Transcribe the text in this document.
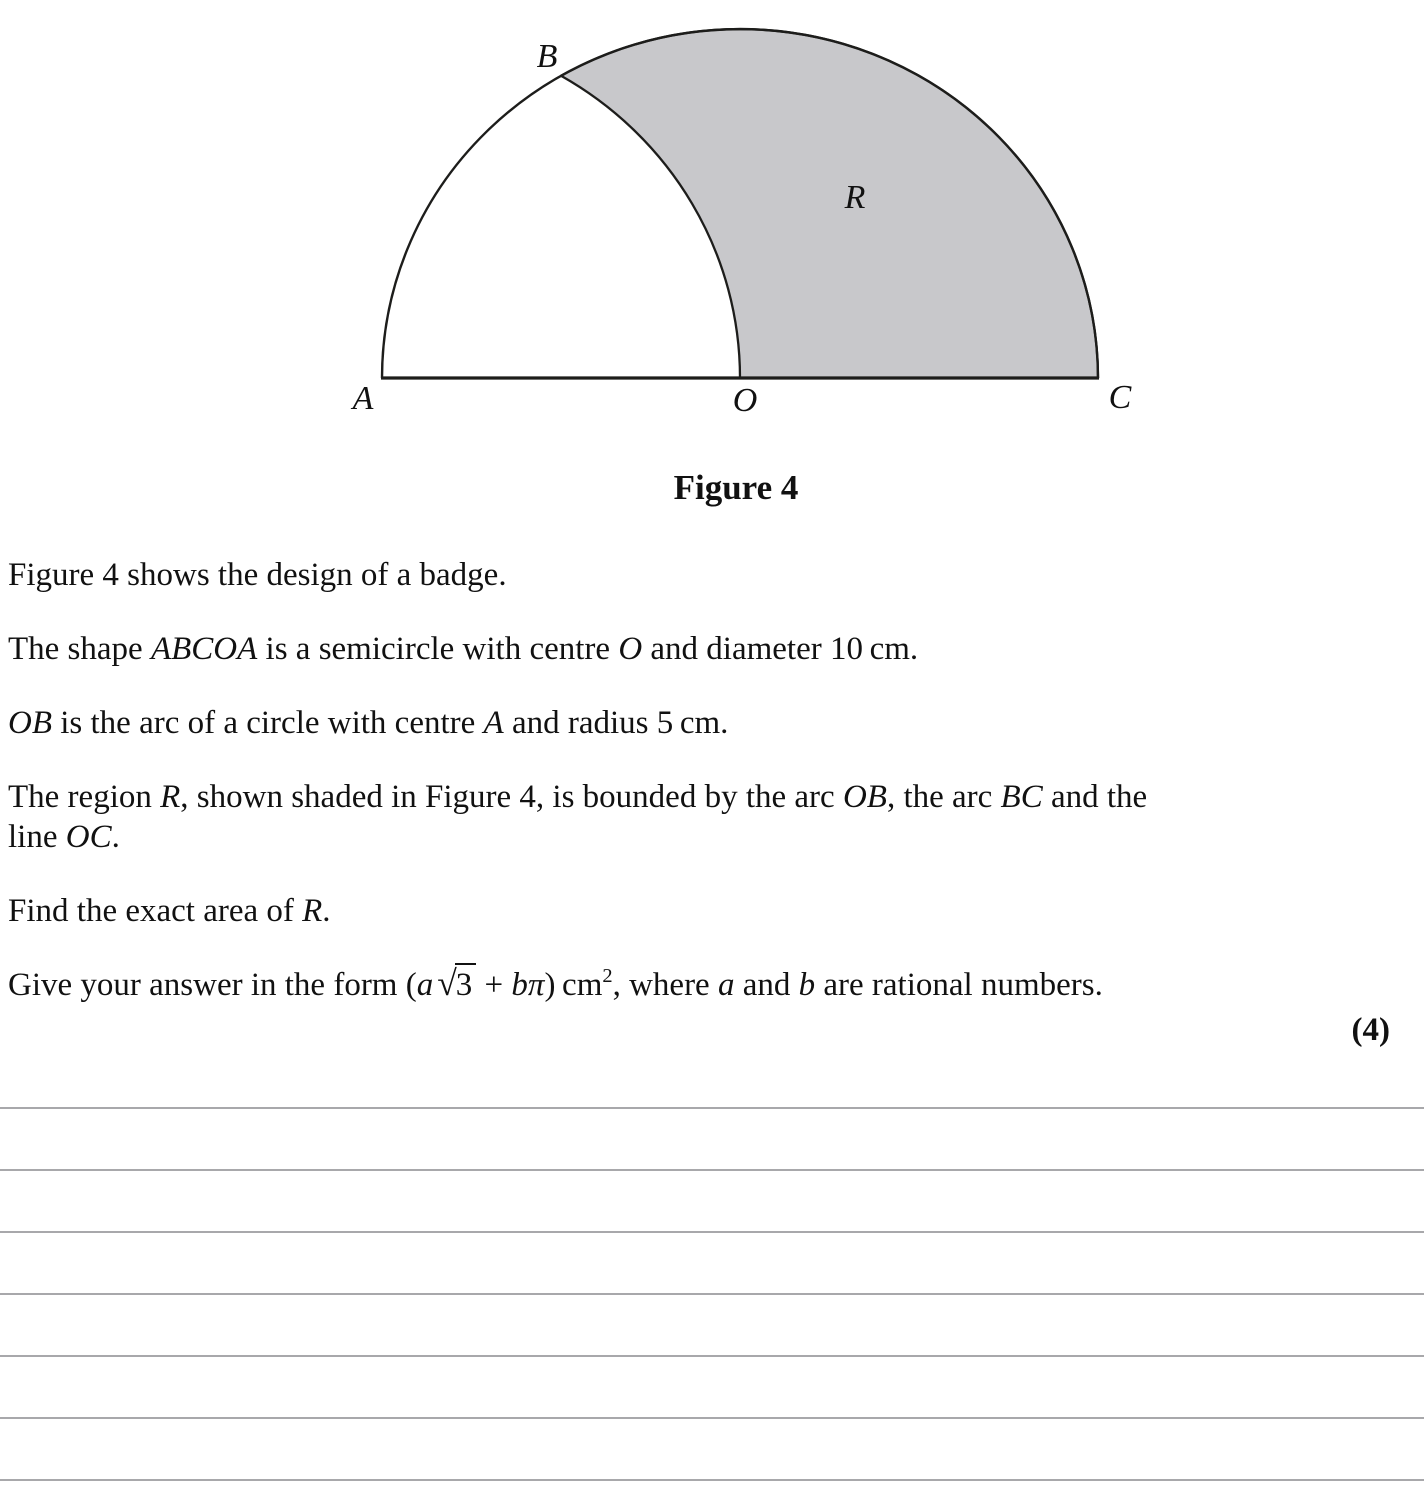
A
B
C
O
R
Figure 4

Figure 4 shows the design of a badge.

The shape ABCOA is a semicircle with centre O and diameter 10 cm.

OB is the arc of a circle with centre A and radius 5 cm.

The region R, shown shaded in Figure 4, is bounded by the arc OB, the arc BC and the
line OC.

Find the exact area of R.

Give your answer in the form (a √3 + bπ) $cm^2$, where a and b are rational numbers.

(4)
